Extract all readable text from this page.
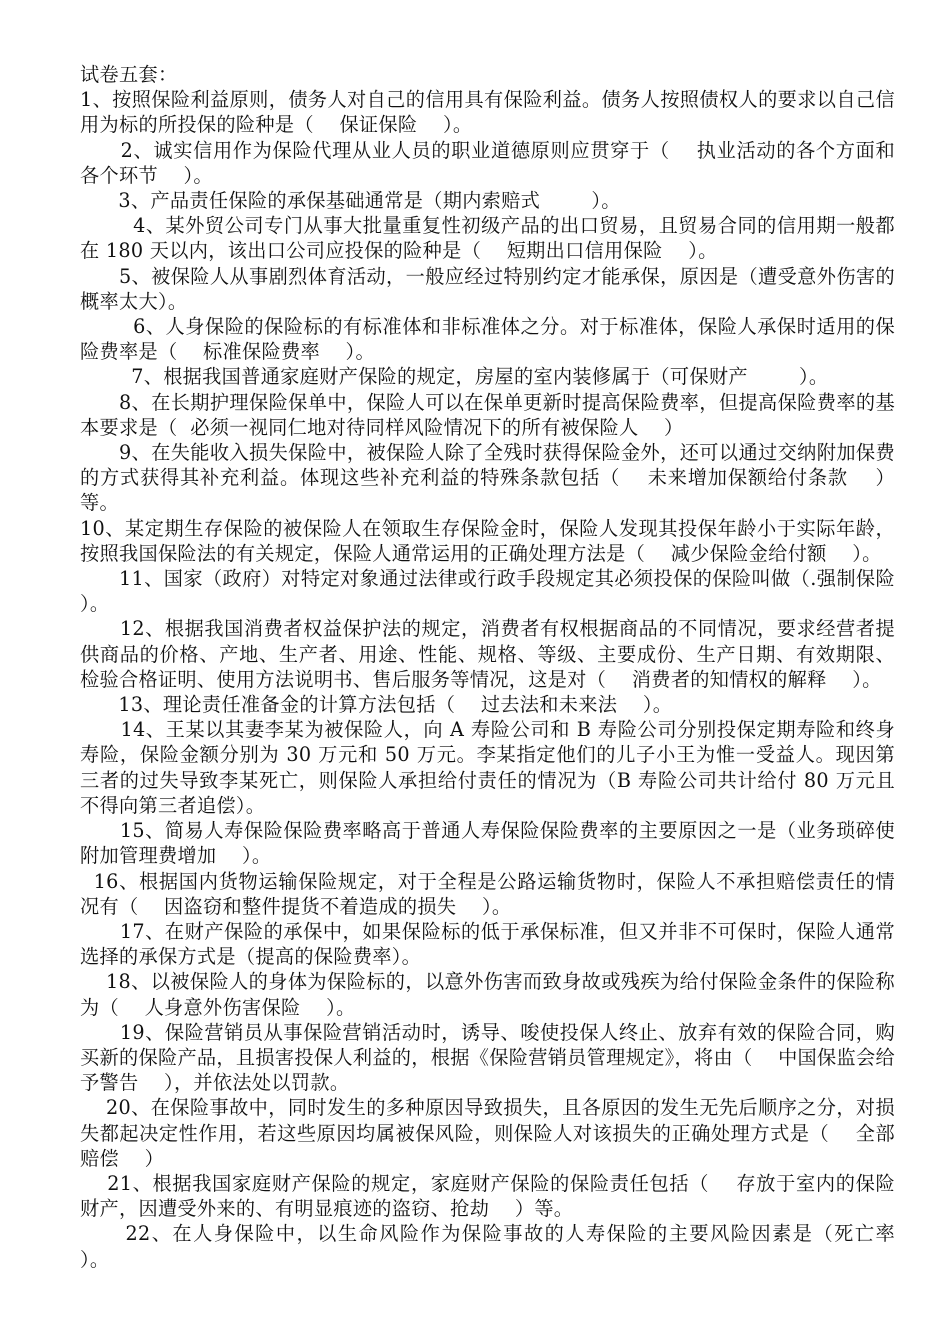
试卷五套：

1、按照保险利益原则，债务人对自己的信用具有保险利益。债务人按照债权人的要求以自己信用为标的所投保的险种是（    保证保险    ）。

2、诚实信用作为保险代理从业人员的职业道德原则应贯穿于（    执业活动的各个方面和各个环节    ）。

3、产品责任保险的承保基础通常是（期内索赔式        ）。

4、某外贸公司专门从事大批量重复性初级产品的出口贸易，且贸易合同的信用期一般都在 180 天以内，该出口公司应投保的险种是（    短期出口信用保险    ）。

5、被保险人从事剧烈体育活动，一般应经过特别约定才能承保，原因是（遭受意外伤害的概率太大）。

6、人身保险的保险标的有标准体和非标准体之分。对于标准体，保险人承保时适用的保险费率是（    标准保险费率    ）。

7、根据我国普通家庭财产保险的规定，房屋的室内装修属于（可保财产        ）。

8、在长期护理保险保单中，保险人可以在保单更新时提高保险费率，但提高保险费率的基本要求是（  必须一视同仁地对待同样风险情况下的所有被保险人    ）

9、在失能收入损失保险中，被保险人除了全残时获得保险金外，还可以通过交纳附加保费的方式获得其补充利益。体现这些补充利益的特殊条款包括（    未来增加保额给付条款    ）等。

10、某定期生存保险的被保险人在领取生存保险金时，保险人发现其投保年龄小于实际年龄，按照我国保险法的有关规定，保险人通常运用的正确处理方法是（    减少保险金给付额    ）。

11、国家（政府）对特定对象通过法律或行政手段规定其必须投保的保险叫做（.强制保险    ）。

12、根据我国消费者权益保护法的规定，消费者有权根据商品的不同情况，要求经营者提供商品的价格、产地、生产者、用途、性能、规格、等级、主要成份、生产日期、有效期限、检验合格证明、使用方法说明书、售后服务等情况，这是对（    消费者的知情权的解释    ）。

13、理论责任准备金的计算方法包括（    过去法和未来法    ）。

14、王某以其妻李某为被保险人，向 A 寿险公司和 B 寿险公司分别投保定期寿险和终身寿险，保险金额分别为 30 万元和 50 万元。李某指定他们的儿子小王为惟一受益人。现因第三者的过失导致李某死亡，则保险人承担给付责任的情况为（B 寿险公司共计给付 80 万元且不得向第三者追偿）。

15、简易人寿保险保险费率略高于普通人寿保险保险费率的主要原因之一是（业务琐碎使附加管理费增加    ）。

16、根据国内货物运输保险规定，对于全程是公路运输货物时，保险人不承担赔偿责任的情况有（    因盗窃和整件提货不着造成的损失    ）。

17、在财产保险的承保中，如果保险标的低于承保标准，但又并非不可保时，保险人通常选择的承保方式是（提高的保险费率）。

18、以被保险人的身体为保险标的，以意外伤害而致身故或残疾为给付保险金条件的保险称为（    人身意外伤害保险    ）。

19、保险营销员从事保险营销活动时，诱导、唆使投保人终止、放弃有效的保险合同，购买新的保险产品，且损害投保人利益的，根据《保险营销员管理规定》，将由（    中国保监会给予警告    ），并依法处以罚款。

20、在保险事故中，同时发生的多种原因导致损失，且各原因的发生无先后顺序之分，对损失都起决定性作用，若这些原因均属被保风险，则保险人对该损失的正确处理方式是（    全部赔偿    ）

21、根据我国家庭财产保险的规定，家庭财产保险的保险责任包括（    存放于室内的保险财产，因遭受外来的、有明显痕迹的盗窃、抢劫    ）等。

22、在人身保险中，以生命风险作为保险事故的人寿保险的主要风险因素是（死亡率    ）。
